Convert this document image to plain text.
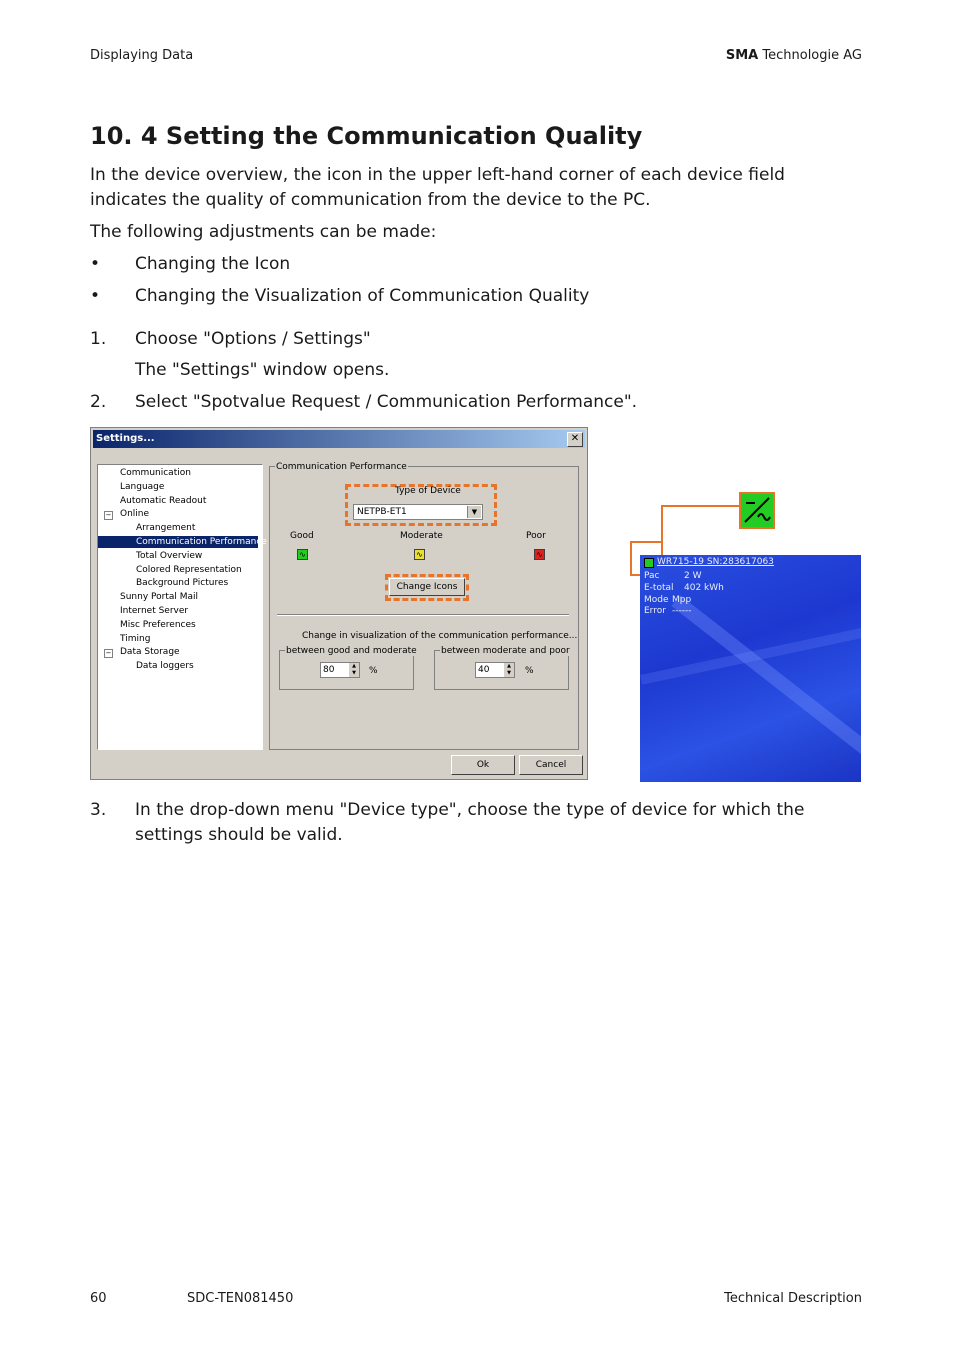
Displaying Data	SMA Technologie AG
10. 4 Setting the Communication Quality
In the device overview, the icon in the upper left-hand corner of each device field indicates the quality of communication from the device to the PC.
The following adjustments can be made:
• Changing the Icon
• Changing the Visualization of Communication Quality
1. Choose "Options / Settings"
The "Settings" window opens.
2. Select "Spotvalue Request / Communication Performance".
Settings...	✕
Communication
Language
Automatic Readout
− Online
Arrangement
Communication Performance
Total Overview
Colored Representation
Background Pictures
Sunny Portal Mail
Internet Server
Misc Preferences
Timing
− Data Storage
Data loggers
Communication Performance
Type of Device
NETPB-ET1	▼
Good	Moderate	Poor
∿	∿	∿
Change Icons
Change in visualization of the communication performance...
between good and moderate
80	▲
▼	%
between moderate and poor
40	▲
▼	%
Ok	Cancel
WR715-19 SN:283617063
Pac	2 W
E-total 402 kWh
Mode Mpp
Error ------
3. In the drop-down menu "Device type", choose the type of device for which the settings should be valid.
60	SDC-TEN081450	Technical Description
